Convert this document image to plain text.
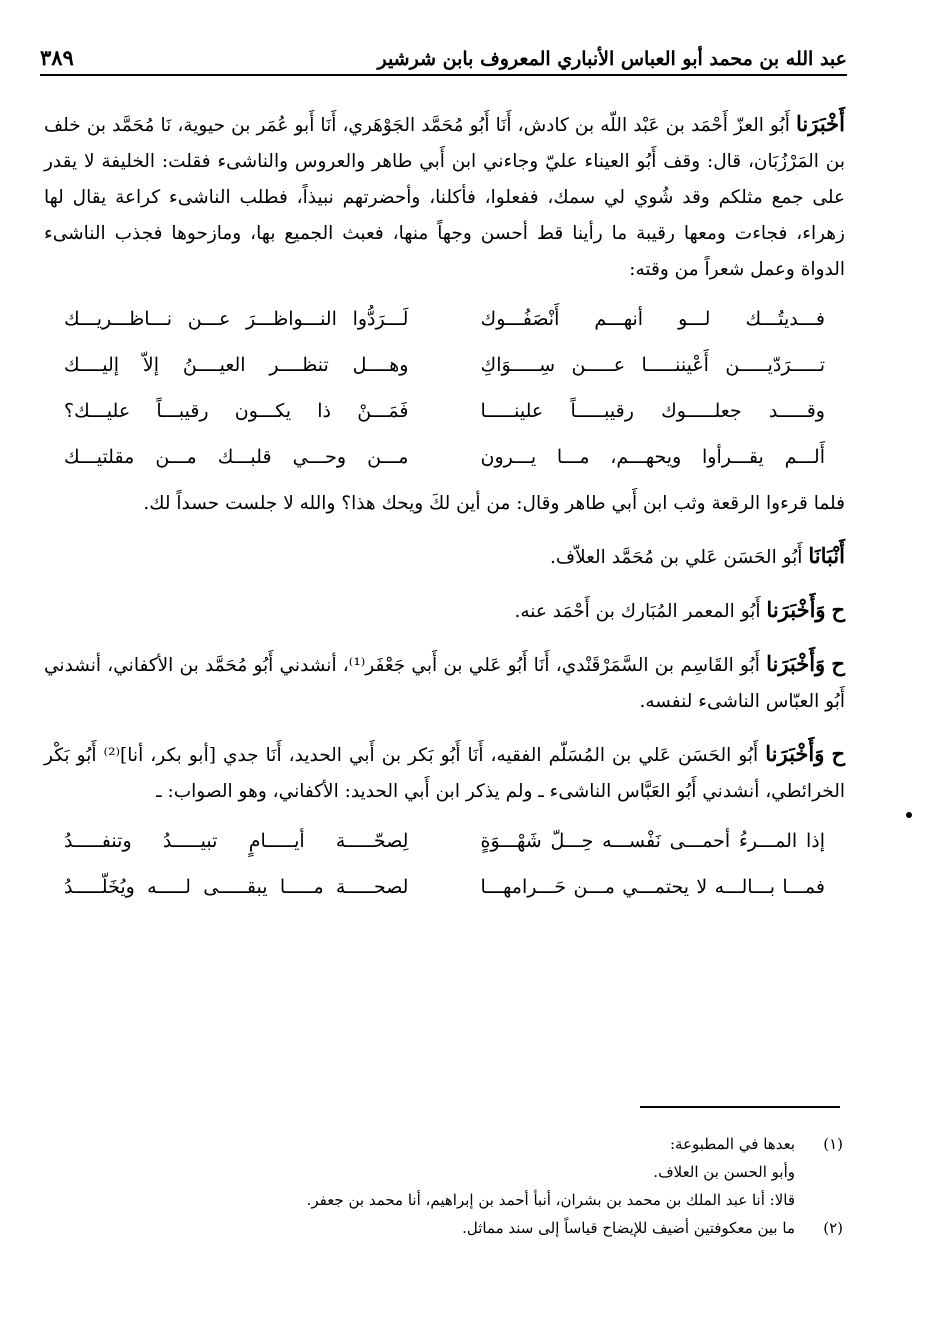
عبد الله بن محمد أبو العباس الأنباري المعروف بابن شرشير
٣٨٩

أَخْبَرَنا أَبُو العزّ أَحْمَد بن عَبْد اللّه بن كادش، أَنَا أَبُو مُحَمَّد الجَوْهَري، أَنَا أَبو عُمَر بن حيوية، نَا مُحَمَّد بن خلف بن المَرْزُبَان، قال: وقف أَبُو العيناء عليّ وجاءني ابن أَبي طاهر والعروس والناشىء فقلت: الخليفة لا يقدر على جمع مثلكم وقد شُوي لي سمك، ففعلوا، فأكلنا، وأحضرتهم نبيذاً، فطلب الناشىء كراعة يقال لها زهراء، فجاءت ومعها رقيبة ما رأينا قط أحسن وجهاً منها، فعبث الجميع بها، ومازحوها فجذب الناشىء الدواة وعمل شعراً من وقته:

فـــديتُـــك لـــو أنهـــم أَنْصَفُـــوك
لَـــرَدُّوا النـــواظـــرَ عـــن نـــاظـــريـــك
تـــــرَدّيـــــن أَعْيننـــــا عـــــن سِـــــوَاكِ
وهــــل تنظــــر العيــــنُ إلاّ إليــــك
وقـــــد جعلـــــوك رقيبـــــاً علينـــــا
فَمَـــنْ ذا يكـــون رقيبـــاً عليـــك؟
أَلـــم يقـــرأوا ويحهـــم، مـــا يـــرون
مـــن وحـــي قلبـــك مـــن مقلتيـــك

فلما قرءوا الرقعة وثب ابن أَبي طاهر وقال: من أين لكَ ويحك هذا؟ والله لا جلست حسداً لك.

أَنْبَانَا أَبُو الحَسَن عَلي بن مُحَمَّد العلاّف.

ح وَأَخْبَرَنا أَبُو المعمر المُبَارك بن أَحْمَد عنه.

ح وَأَخْبَرَنا أَبُو القَاسِم بن السَّمَرْقَنْدي، أَنَا أَبُو عَلي بن أَبي جَعْفَر⁽¹⁾، أنشدني أَبُو مُحَمَّد بن الأكفاني، أنشدني أَبُو العبّاس الناشىء لنفسه.

ح وَأَخْبَرَنا أَبُو الحَسَن عَلي بن المُسَلّم الفقيه، أَنَا أَبُو بَكر بن أَبي الحديد، أَنَا جدي [أبو بكر، أنا]⁽²⁾ أَبُو بَكْر الخرائطي، أنشدني أَبُو العَبَّاس الناشىء ـ ولم يذكر ابن أَبي الحديد: الأكفاني، وهو الصواب: ـ

إذا المـــرءُ أحمـــى نَفْســـه حِـــلّ شَهْـــوَةٍ
لِصحّـــــة أيـــــامٍ تبيـــــدُ وتنفـــــدُ
فمـــا بـــالـــه لا يحتمـــي مـــن حَـــرامهـــا
لصحـــــة مـــــا يبقـــــى لـــــه ويُخَلّـــــدُ
(١)
بعدها في المطبوعة:
وأبو الحسن بن العلاف.
قالا: أنا عبد الملك بن محمد بن بشران، أنبأ أحمد بن إبراهيم، أنا محمد بن جعفر.
(٢)
ما بين معكوفتين أضيف للإيضاح قياساً إلى سند مماثل.
